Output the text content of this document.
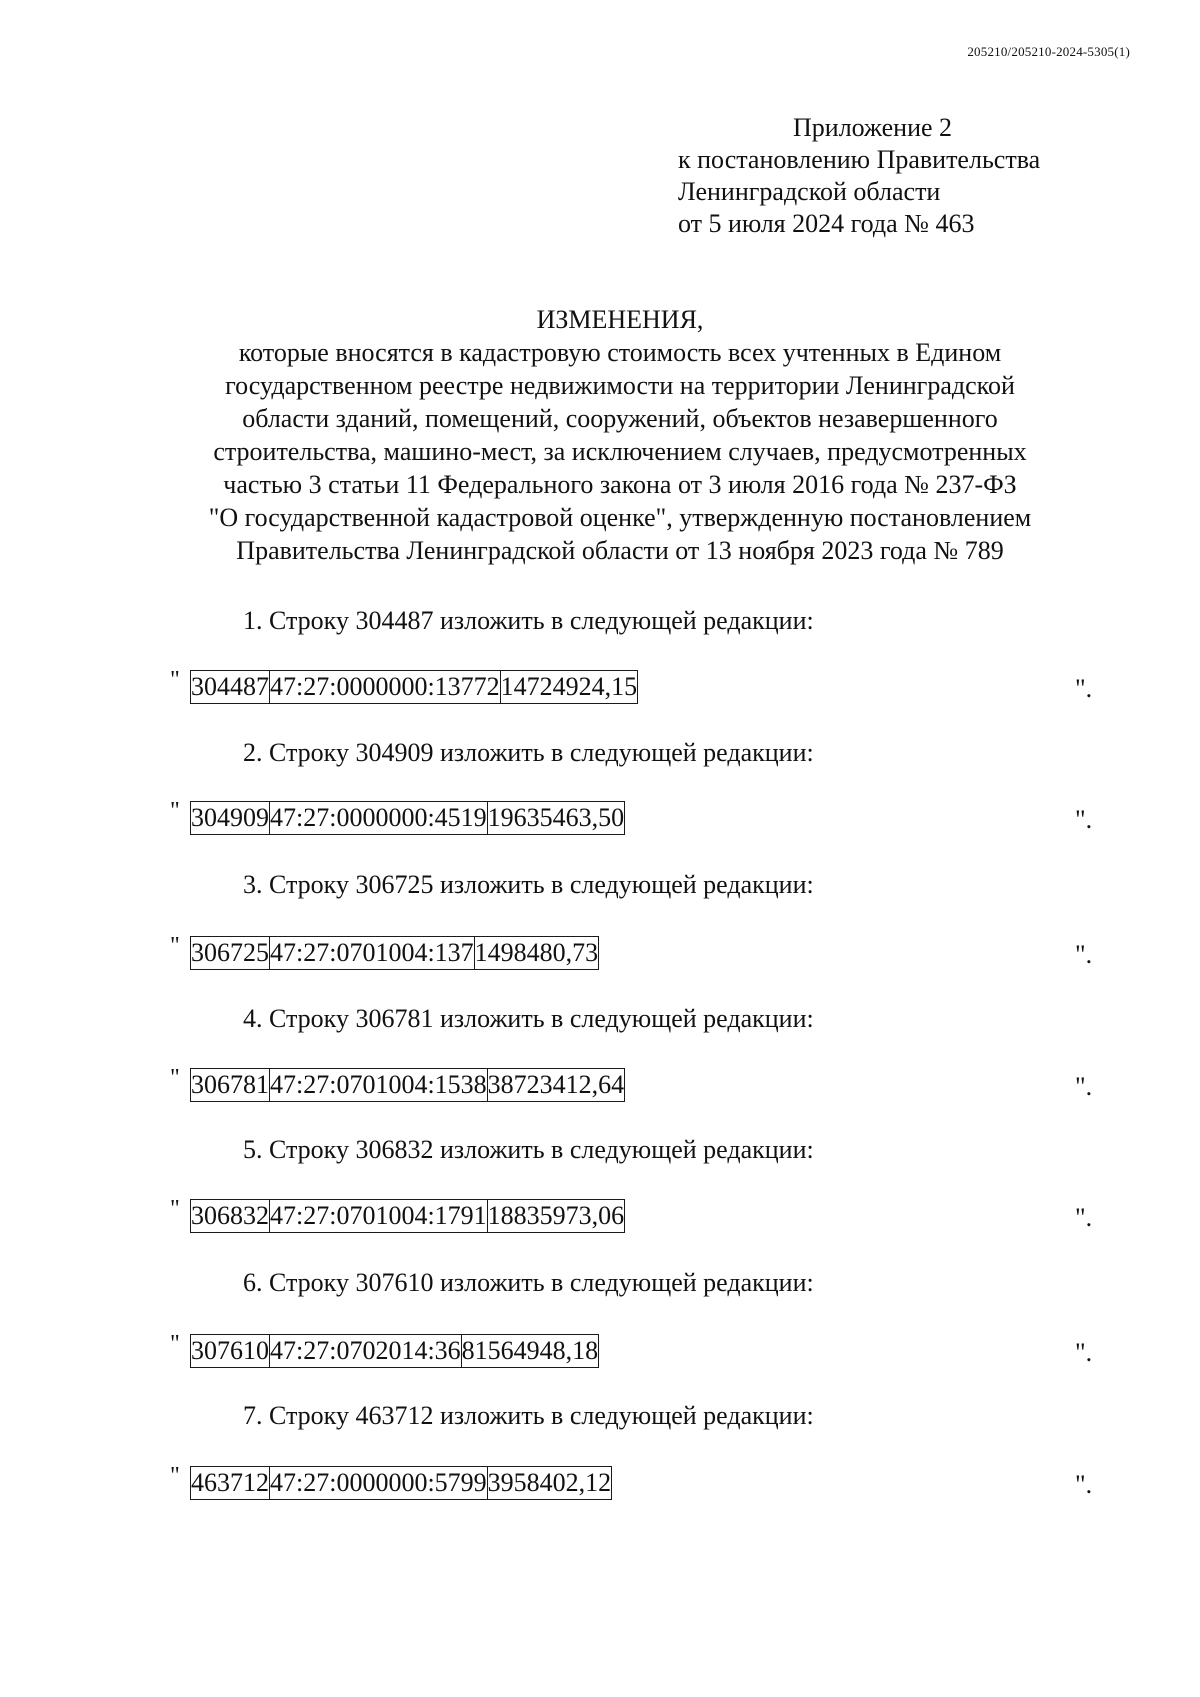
205210/205210-2024-5305(1)
Приложение 2
к постановлению Правительства
Ленинградской области
от 5 июля 2024 года № 463
ИЗМЕНЕНИЯ,
которые вносятся в кадастровую стоимость всех учтенных в Едином
государственном реестре недвижимости на территории Ленинградской
области зданий, помещений, сооружений, объектов незавершенного
строительства, машино-мест, за исключением случаев, предусмотренных
частью 3 статьи 11 Федерального закона от 3 июля 2016 года № 237-ФЗ
"О государственной кадастровой оценке", утвержденную постановлением
Правительства Ленинградской области от 13 ноября 2023 года № 789
1. Строку 304487 изложить в следующей редакции:
" 304487	47:27:0000000:13772	14724924,15	".
2. Строку 304909 изложить в следующей редакции:
" 304909	47:27:0000000:4519	19635463,50	".
3. Строку 306725 изложить в следующей редакции:
" 306725	47:27:0701004:137	1498480,73	".
4. Строку 306781 изложить в следующей редакции:
" 306781	47:27:0701004:1538	38723412,64	".
5. Строку 306832 изложить в следующей редакции:
" 306832	47:27:0701004:1791	18835973,06	".
6. Строку 307610 изложить в следующей редакции:
" 307610	47:27:0702014:36	81564948,18	".
7. Строку 463712 изложить в следующей редакции:
" 463712	47:27:0000000:5799	3958402,12	".
